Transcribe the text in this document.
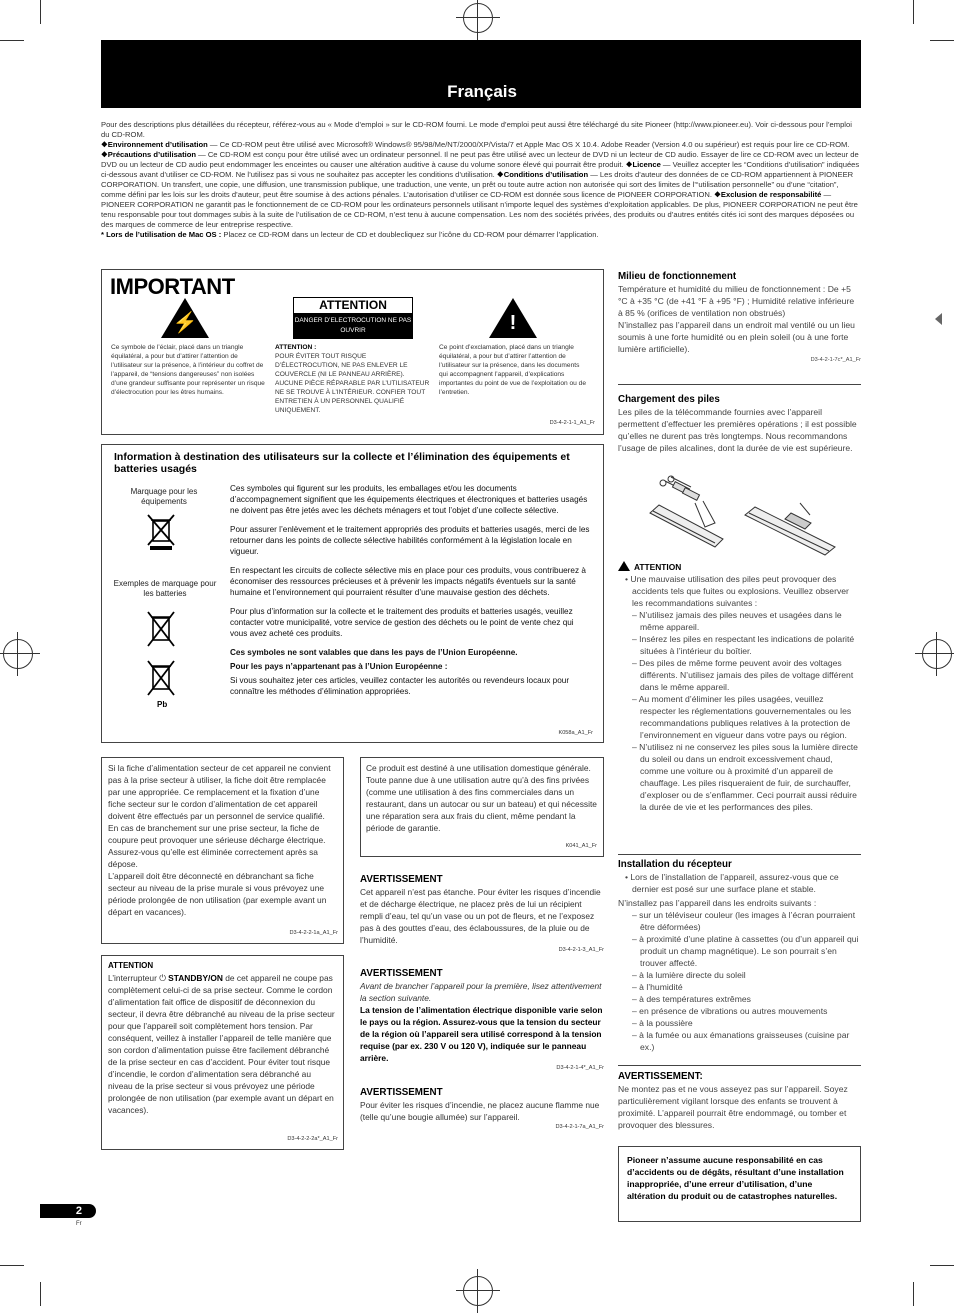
Français

Pour des descriptions plus détaillées du récepteur, référez-vous au « Mode d’emploi » sur le CD-ROM fourni. Le mode d’emploi peut aussi être téléchargé du site Pioneer (http://www.pioneer.eu). Voir ci-dessous pour l’emploi du CD-ROM.

❖Environnement d’utilisation — Ce CD-ROM peut être utilisé avec Microsoft® Windows® 95/98/Me/NT/2000/XP/Vista/7 et Apple Mac OS X 10.4. Adobe Reader (Version 4.0 ou supérieur) est requis pour lire ce CD-ROM. ❖Précautions d’utilisation — Ce CD-ROM est conçu pour être utilisé avec un ordinateur personnel. Il ne peut pas être utilisé avec un lecteur de DVD ni un lecteur de CD audio. Essayer de lire ce CD-ROM avec un lecteur de DVD ou un lecteur de CD audio peut endommager les enceintes ou causer une altération auditive à cause du volume sonore élevé qui pourrait être produit. ❖Licence — Veuillez accepter les “Conditions d’utilisation” indiquées ci-dessous avant d’utiliser ce CD-ROM. Ne l’utilisez pas si vous ne souhaitez pas accepter les conditions d’utilisation. ❖Conditions d’utilisation — Les droits d’auteur des données de ce CD-ROM appartiennent à PIONEER CORPORATION. Un transfert, une copie, une diffusion, une transmission publique, une traduction, une vente, un prêt ou toute autre action non autorisée qui sort des limites de l’“utilisation personnelle” ou d’une “citation”, comme défini par les lois sur les droits d’auteur, peut être soumise à des actions pénales. L’autorisation d’utiliser ce CD-ROM est donnée sous licence de PIONEER CORPORATION. ❖Exclusion de responsabilité — PIONEER CORPORATION ne garantit pas le fonctionnement de ce CD-ROM pour les ordinateurs personnels utilisant n’importe lequel des systèmes d’exploitation applicables. De plus, PIONEER CORPORATION ne peut être tenu responsable pour tout dommages subis à la suite de l’utilisation de ce CD-ROM, n’est tenu à aucune compensation. Les nom des sociétés privées, des produits ou d’autres entités cités ici sont des marques déposées ou des marques de commerce de leur entreprise respective.

* Lors de l’utilisation de Mac OS : Placez ce CD-ROM dans un lecteur de CD et doublecliquez sur l’icône du CD-ROM pour démarrer l’application.

IMPORTANT
⚡
ATTENTION
DANGER D’ELECTROCUTION NE PAS OUVRIR	!
Ce symbole de l’éclair, placé dans un triangle équilatéral, a pour but d’attirer l’attention de l’utilisateur sur la présence, à l’intérieur du coffret de l’appareil, de “tensions dangereuses” non isolées d’une grandeur suffisante pour représenter un risque d’électrocution pour les êtres humains.
ATTENTION :
POUR ÉVITER TOUT RISQUE D’ÉLECTROCUTION, NE PAS ENLEVER LE COUVERCLE (NI LE PANNEAU ARRIÈRE). AUCUNE PIÈCE RÉPARABLE PAR L’UTILISATEUR NE SE TROUVE À L’INTÉRIEUR. CONFIER TOUT ENTRETIEN À UN PERSONNEL QUALIFIÉ UNIQUEMENT.
Ce point d’exclamation, placé dans un triangle équilatéral, a pour but d’attirer l’attention de l’utilisateur sur la présence, dans les documents qui accompagnent l’appareil, d’explications importantes du point de vue de l’exploitation ou de l’entretien.
D3-4-2-1-1_A1_Fr
Information à destination des utilisateurs sur la collecte et l’élimination des équipements et batteries usagés
Marquage pour les équipements
Exemples de marquage pour les batteries
Pb

Ces symboles qui figurent sur les produits, les emballages et/ou les documents d’accompagnement signifient que les équipements électriques et électroniques et batteries usagés ne doivent pas être jetés avec les déchets ménagers et tout l’objet d’une collecte sélective.

Pour assurer l’enlèvement et le traitement appropriés des produits et batteries usagés, merci de les retourner dans les points de collecte sélective habilités conformément à la législation locale en vigueur.

En respectant les circuits de collecte sélective mis en place pour ces produits, vous contribuerez à économiser des ressources précieuses et à prévenir les impacts négatifs éventuels sur la santé humaine et l’environnement qui pourraient résulter d’une mauvaise gestion des déchets.

Pour plus d’information sur la collecte et le traitement des produits et batteries usagés, veuillez contacter votre municipalité, votre service de gestion des déchets ou le point de vente chez qui vous avez acheté ces produits.

Ces symboles ne sont valables que dans les pays de l’Union Européenne.

Pour les pays n’appartenant pas à l’Union Européenne :

Si vous souhaitez jeter ces articles, veuillez contacter les autorités ou revendeurs locaux pour connaître les méthodes d’élimination appropriées.

K058a_A1_Fr

Si la fiche d’alimentation secteur de cet appareil ne convient pas à la prise secteur à utiliser, la fiche doit être remplacée par une appropriée. Ce remplacement et la fixation d’une fiche secteur sur le cordon d’alimentation de cet appareil doivent être effectués par un personnel de service qualifié. En cas de branchement sur une prise secteur, la fiche de coupure peut provoquer une sérieuse décharge électrique. Assurez-vous qu’elle est éliminée correctement après sa dépose.

L’appareil doit être déconnecté en débranchant sa fiche secteur au niveau de la prise murale si vous prévoyez une période prolongée de non utilisation (par exemple avant un départ en vacances).

D3-4-2-2-1a_A1_Fr
ATTENTION

L’interrupteur ⏻ STANDBY/ON de cet appareil ne coupe pas complètement celui-ci de sa prise secteur. Comme le cordon d’alimentation fait office de dispositif de déconnexion du secteur, il devra être débranché au niveau de la prise secteur pour que l’appareil soit complètement hors tension. Par conséquent, veillez à installer l’appareil de telle manière que son cordon d’alimentation puisse être facilement débranché de la prise secteur en cas d’accident. Pour éviter tout risque d’incendie, le cordon d’alimentation sera débranché au niveau de la prise secteur si vous prévoyez une période prolongée de non utilisation (par exemple avant un départ en vacances).

D3-4-2-2-2a*_A1_Fr

Ce produit est destiné à une utilisation domestique générale. Toute panne due à une utilisation autre qu’à des fins privées (comme une utilisation à des fins commerciales dans un restaurant, dans un autocar ou sur un bateau) et qui nécessite une réparation sera aux frais du client, même pendant la période de garantie.

K041_A1_Fr
AVERTISSEMENT

Cet appareil n’est pas étanche. Pour éviter les risques d’incendie et de décharge électrique, ne placez près de lui un récipient rempli d’eau, tel qu’un vase ou un pot de fleurs, et ne l’exposez pas à des gouttes d’eau, des éclaboussures, de la pluie ou de l’humidité.

D3-4-2-1-3_A1_Fr
AVERTISSEMENT

Avant de brancher l’appareil pour la première, lisez attentivement la section suivante.

La tension de l’alimentation électrique disponible varie selon le pays ou la région. Assurez-vous que la tension du secteur de la région où l’appareil sera utilisé correspond à la tension requise (par ex. 230 V ou 120 V), indiquée sur le panneau arrière.

D3-4-2-1-4*_A1_Fr
AVERTISSEMENT

Pour éviter les risques d’incendie, ne placez aucune flamme nue (telle qu’une bougie allumée) sur l’appareil.

D3-4-2-1-7a_A1_Fr
Milieu de fonctionnement

Température et humidité du milieu de fonctionnement : De +5 °C à +35 °C (de +41 °F à +95 °F) ; Humidité relative inférieure à 85 % (orifices de ventilation non obstrués)

N’installez pas l’appareil dans un endroit mal ventilé ou un lieu soumis à une forte humidité ou en plein soleil (ou à une forte lumière artificielle).

D3-4-2-1-7c*_A1_Fr
Chargement des piles

Les piles de la télécommande fournies avec l’appareil permettent d’effectuer les premières opérations ; il est possible qu’elles ne durent pas très longtemps. Nous recommandons l’usage de piles alcalines, dont la durée de vie est supérieure.

ATTENTION

• Une mauvaise utilisation des piles peut provoquer des accidents tels que fuites ou explosions. Veuillez observer les recommandations suivantes :

– N’utilisez jamais des piles neuves et usagées dans le même appareil.

– Insérez les piles en respectant les indications de polarité situées à l’intérieur du boîtier.

– Des piles de même forme peuvent avoir des voltages différents. N’utilisez jamais des piles de voltage différent dans le même appareil.

– Au moment d’éliminer les piles usagées, veuillez respecter les réglementations gouvernementales ou les recommandations publiques relatives à la protection de l’environnement en vigueur dans votre pays ou région.

– N’utilisez ni ne conservez les piles sous la lumière directe du soleil ou dans un endroit excessivement chaud, comme une voiture ou à proximité d’un appareil de chauffage. Les piles risqueraient de fuir, de surchauffer, d’exploser ou de s’enflammer. Ceci pourrait aussi réduire la durée de vie et les performances des piles.

Installation du récepteur

• Lors de l’installation de l’appareil, assurez-vous que ce dernier est posé sur une surface plane et stable.

N’installez pas l’appareil dans les endroits suivants :

– sur un téléviseur couleur (les images à l’écran pourraient être déformées)

– à proximité d’une platine à cassettes (ou d’un appareil qui produit un champ magnétique). Le son pourrait s’en trouver affecté.

– à la lumière directe du soleil

– à l’humidité

– à des températures extrêmes

– en présence de vibrations ou autres mouvements

– à la poussière

– à la fumée ou aux émanations graisseuses (cuisine par ex.)

AVERTISSEMENT:

Ne montez pas et ne vous asseyez pas sur l’appareil. Soyez particulièrement vigilant lorsque des enfants se trouvent à proximité. L’appareil pourrait être endommagé, ou tomber et provoquer des blessures.

Pioneer n’assume aucune responsabilité en cas d’accidents ou de dégâts, résultant d’une installation inappropriée, d’une erreur d’utilisation, d’une altération du produit ou de catastrophes naturelles.

2
Fr
